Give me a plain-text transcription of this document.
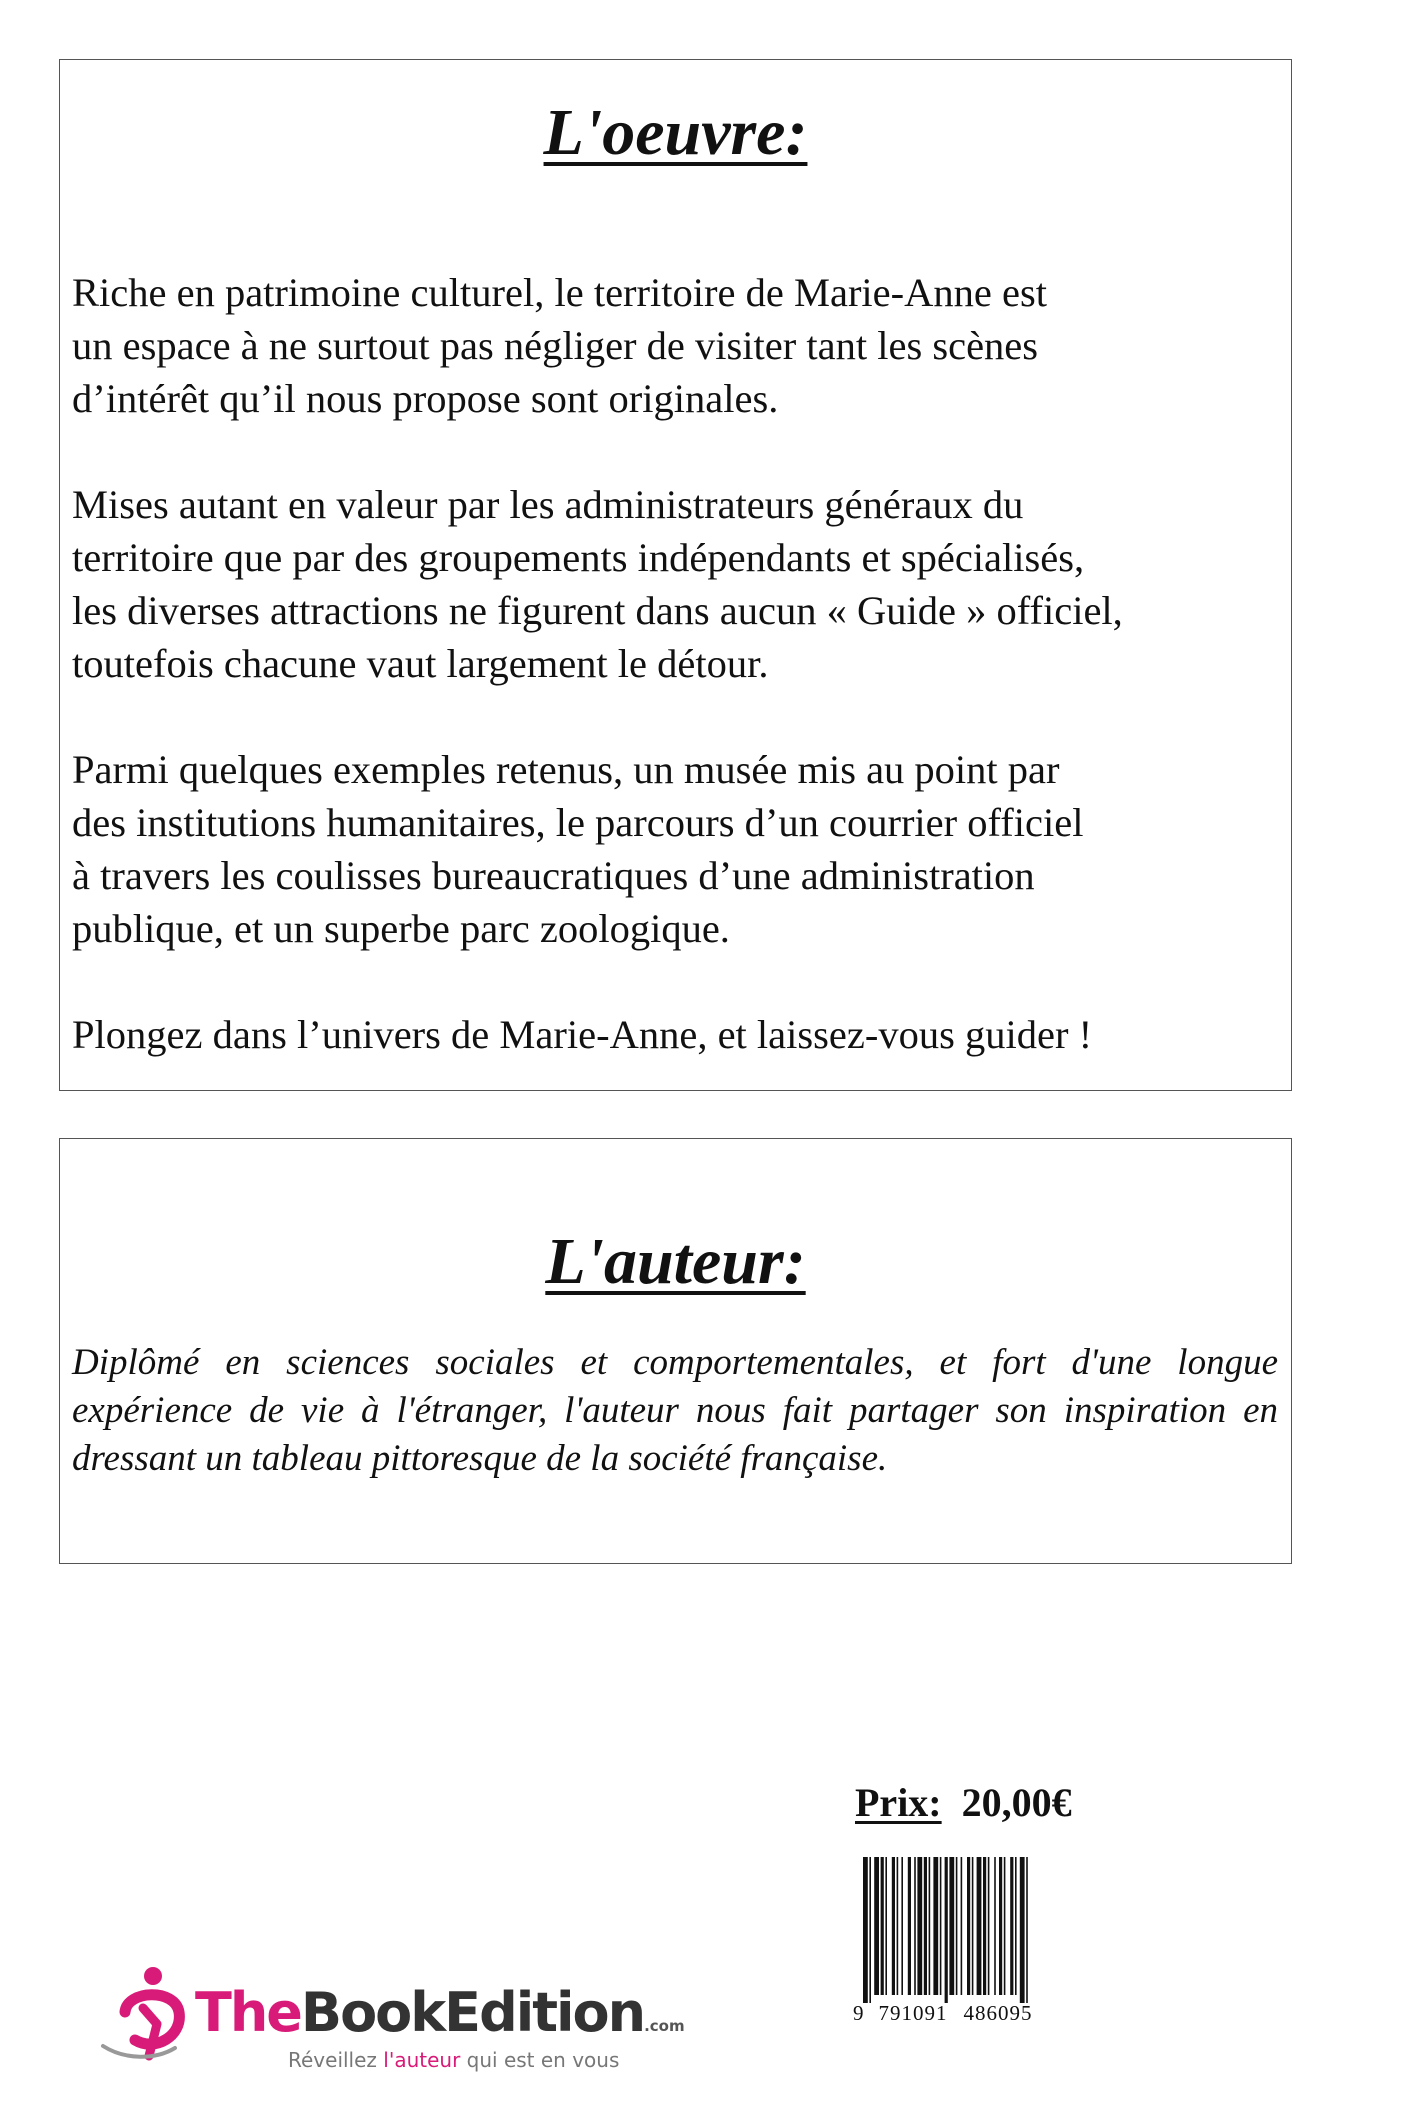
L'oeuvre:

Riche en patrimoine culturel, le territoire de Marie-Anne est
un espace à ne surtout pas négliger de visiter tant les scènes
d’intérêt qu’il nous propose sont originales.

Mises autant en valeur par les administrateurs généraux du
territoire que par des groupements indépendants et spécialisés,
les diverses attractions ne figurent dans aucun « Guide » officiel,
toutefois chacune vaut largement le détour.

Parmi quelques exemples retenus, un musée mis au point par
des institutions humanitaires, le parcours d’un courrier officiel
à travers les coulisses bureaucratiques d’une administration
publique, et un superbe parc zoologique.

Plongez dans l’univers de Marie-Anne, et laissez-vous guider !

L'auteur:

Diplômé en sciences sociales et comportementales, et fort d'une longue expérience de vie à l'étranger, l'auteur nous fait partager son inspiration en dressant un tableau pittoresque de la société française.

Prix: 20,00€
9 791091 486095
TheBookEdition.com
Réveillez l'auteur qui est en vous
